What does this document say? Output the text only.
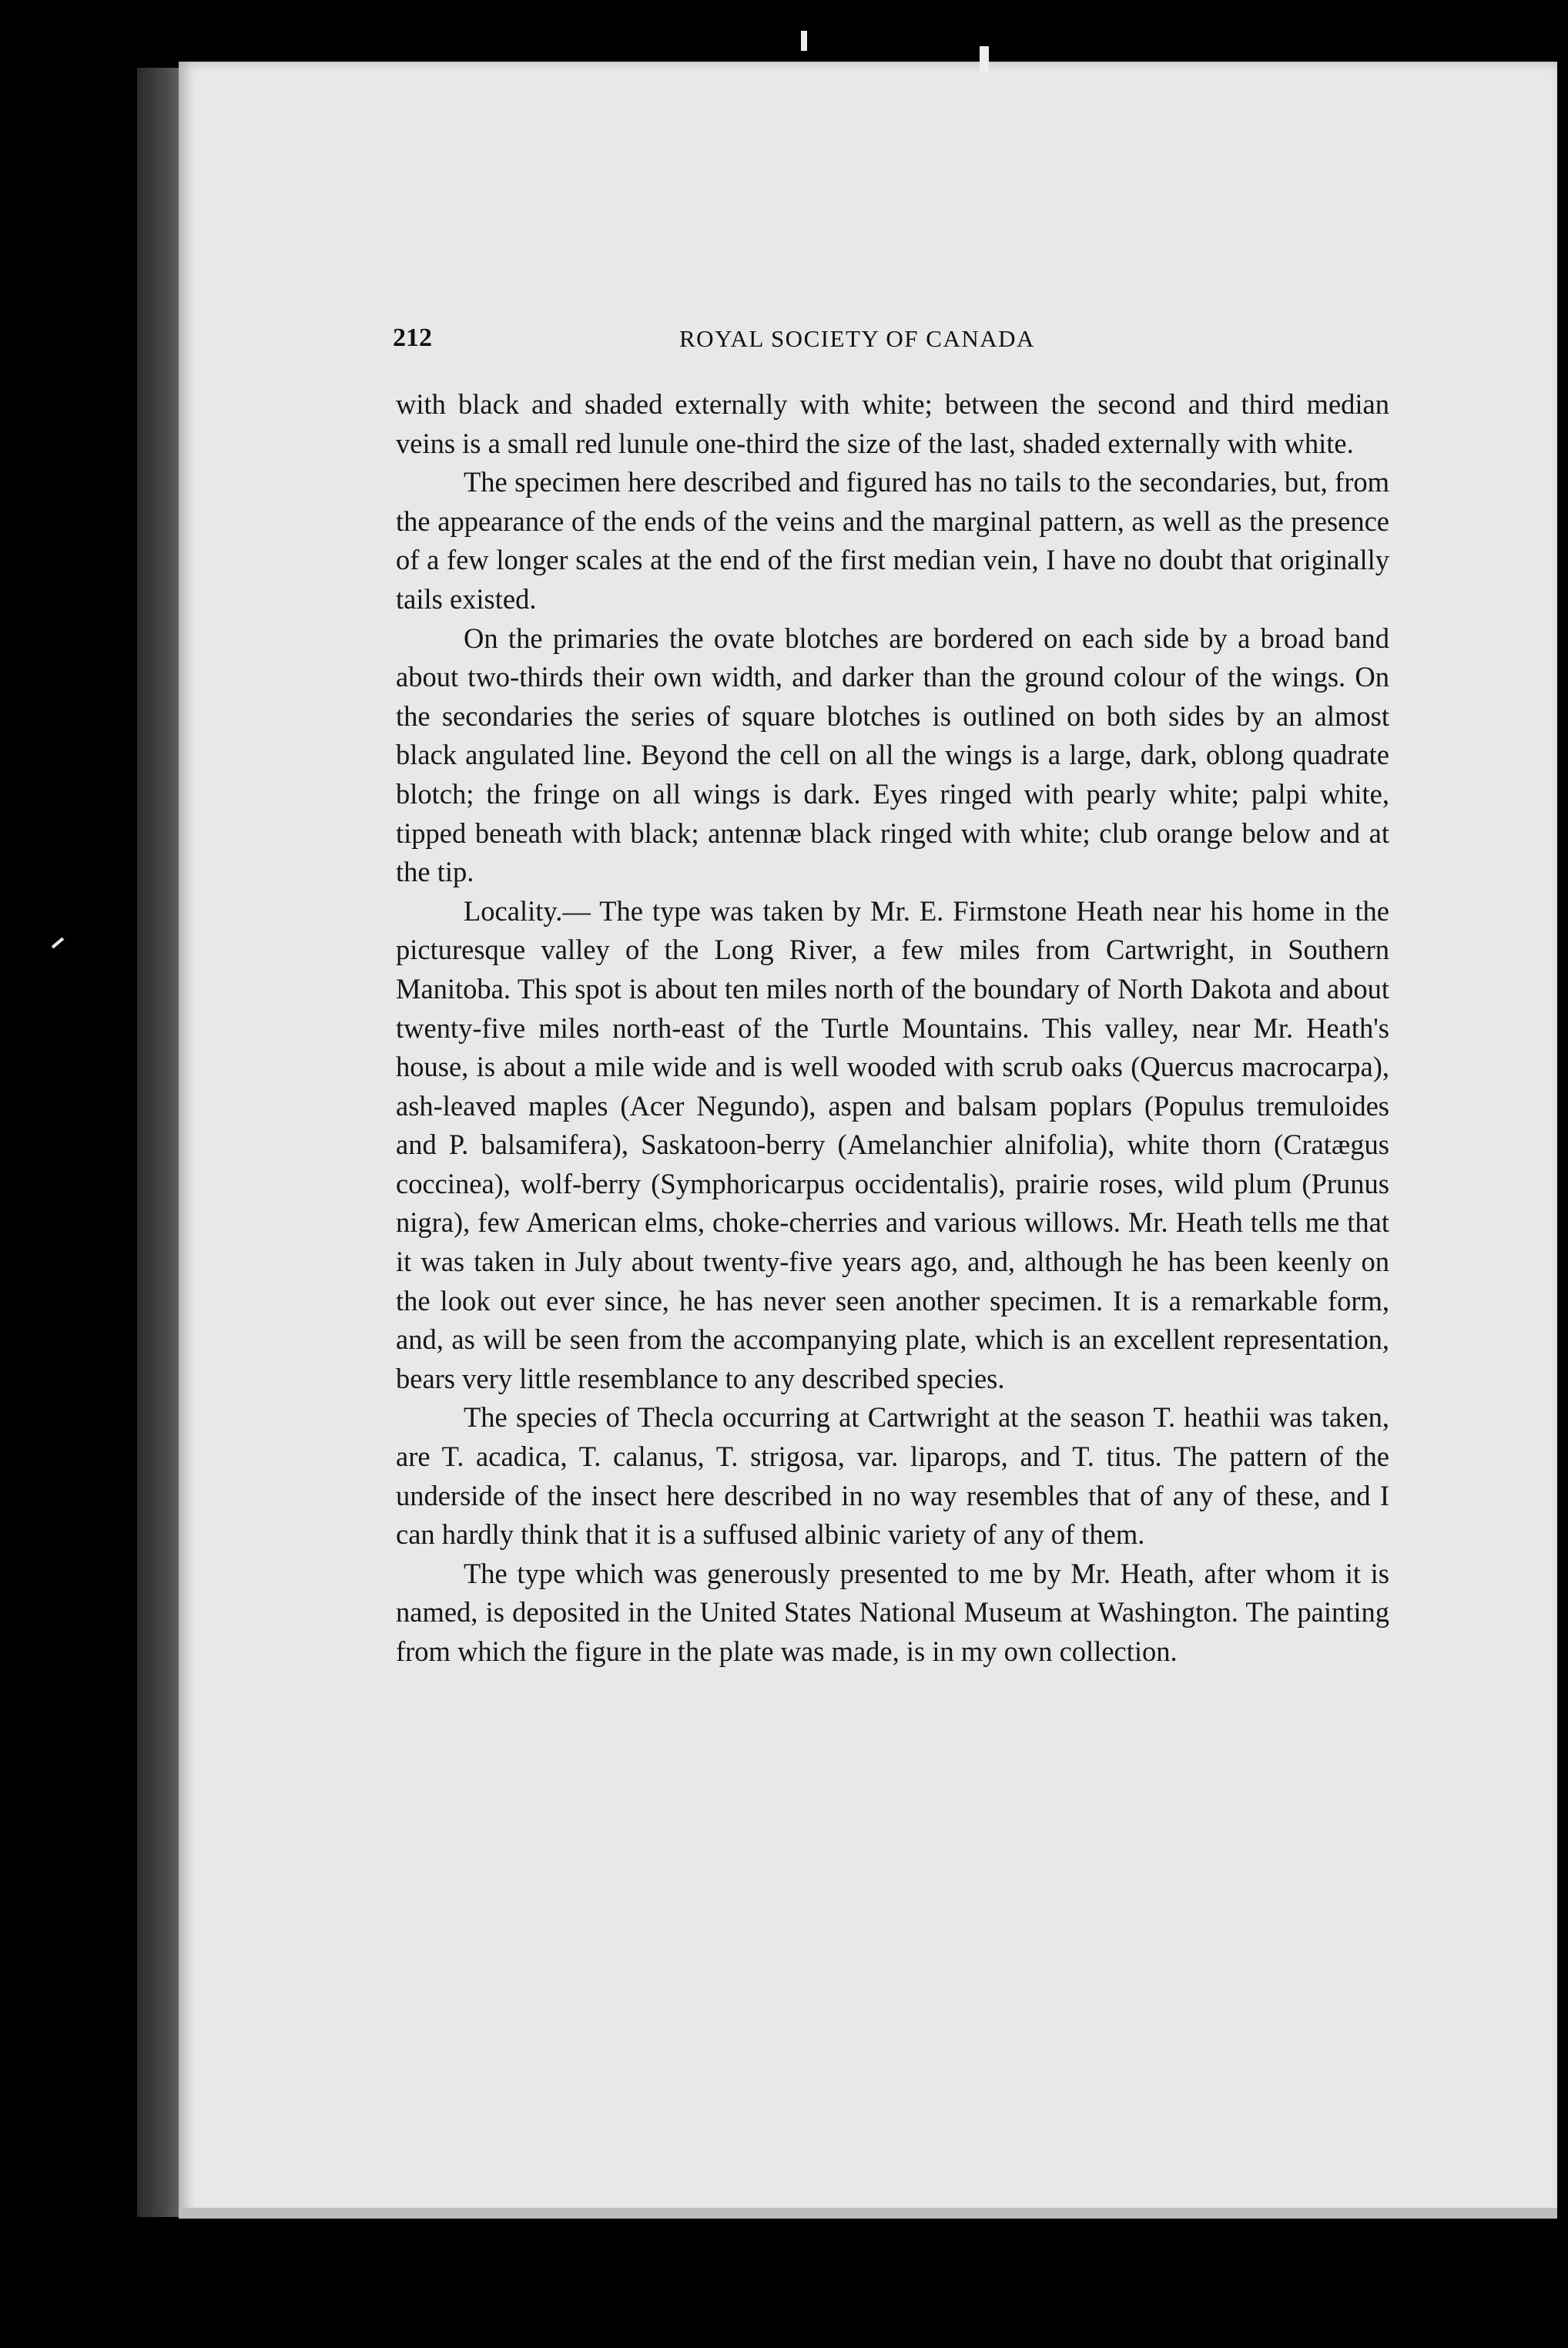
212	ROYAL SOCIETY OF CANADA

with black and shaded externally with white; between the second and third median veins is a small red lunule one-third the size of the last, shaded externally with white.

The specimen here described and figured has no tails to the secondaries, but, from the appearance of the ends of the veins and the marginal pattern, as well as the presence of a few longer scales at the end of the first median vein, I have no doubt that originally tails existed.

On the primaries the ovate blotches are bordered on each side by a broad band about two-thirds their own width, and darker than the ground colour of the wings. On the secondaries the series of square blotches is outlined on both sides by an almost black angulated line. Beyond the cell on all the wings is a large, dark, oblong quadrate blotch; the fringe on all wings is dark. Eyes ringed with pearly white; palpi white, tipped beneath with black; antennæ black ringed with white; club orange below and at the tip.

Locality.— The type was taken by Mr. E. Firmstone Heath near his home in the picturesque valley of the Long River, a few miles from Cartwright, in Southern Manitoba. This spot is about ten miles north of the boundary of North Dakota and about twenty-five miles north-east of the Turtle Mountains. This valley, near Mr. Heath's house, is about a mile wide and is well wooded with scrub oaks (Quercus macrocarpa), ash-leaved maples (Acer Negundo), aspen and balsam poplars (Populus tremuloides and P. balsamifera), Saskatoon-berry (Amelanchier alnifolia), white thorn (Cratægus coccinea), wolf-berry (Symphoricarpus occidentalis), prairie roses, wild plum (Prunus nigra), few American elms, choke-cherries and various willows. Mr. Heath tells me that it was taken in July about twenty-five years ago, and, although he has been keenly on the look out ever since, he has never seen another specimen. It is a remarkable form, and, as will be seen from the accompanying plate, which is an excellent representation, bears very little resemblance to any described species.

The species of Thecla occurring at Cartwright at the season T. heathii was taken, are T. acadica, T. calanus, T. strigosa, var. liparops, and T. titus. The pattern of the underside of the insect here described in no way resembles that of any of these, and I can hardly think that it is a suffused albinic variety of any of them.

The type which was generously presented to me by Mr. Heath, after whom it is named, is deposited in the United States National Museum at Washington. The painting from which the figure in the plate was made, is in my own collection.
